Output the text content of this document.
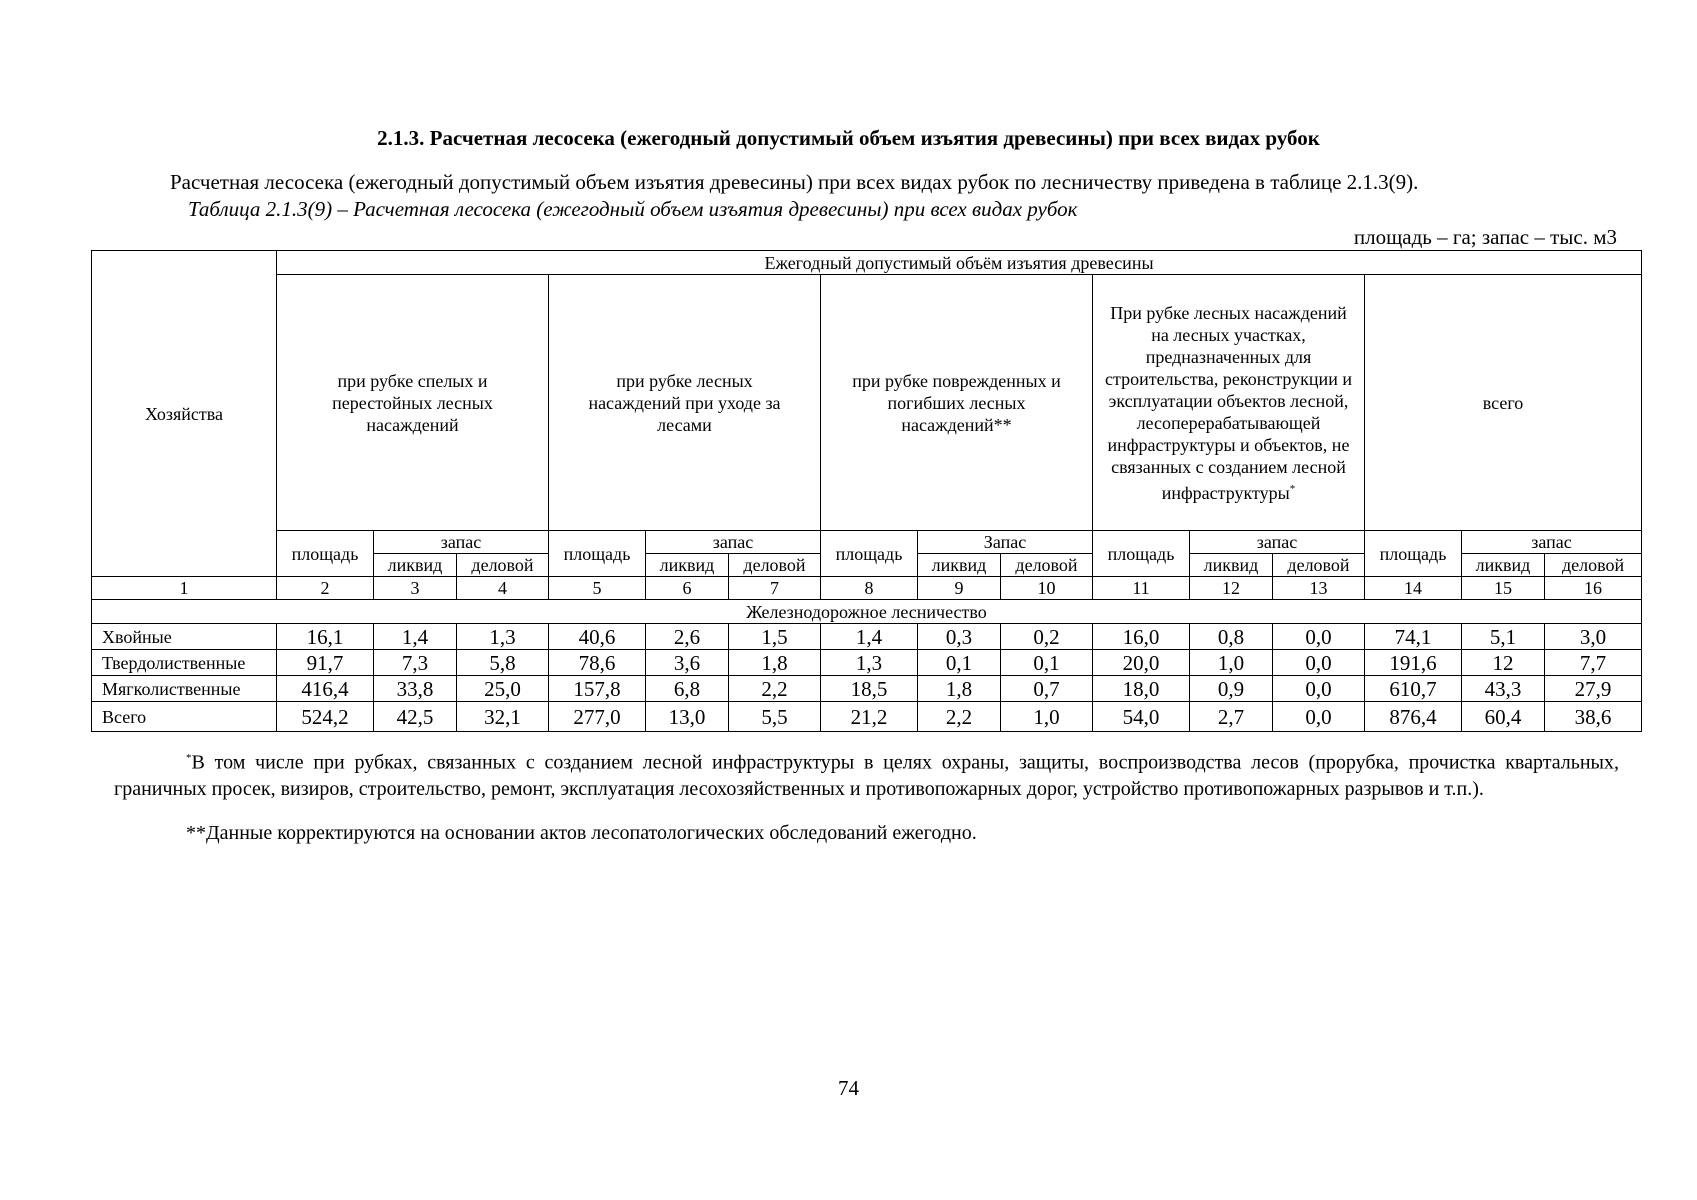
2.1.3. Расчетная лесосека (ежегодный допустимый объем изъятия древесины) при всех видах рубок
Расчетная лесосека (ежегодный допустимый объем изъятия древесины) при всех видах рубок по лесничеству приведена в таблице 2.1.3(9).
Таблица 2.1.3(9) – Расчетная лесосека (ежегодный объем изъятия древесины) при всех видах рубок
площадь – га; запас – тыс. м3
Хозяйства	Ежегодный допустимый объём изъятия древесины														
	при рубке спелых и перестойных лесных насаждений			при рубке лесных насаждений при уходе за лесами			при рубке поврежденных и погибших лесных насаждений**			При рубке лесных насаждений на лесных участках, предназначенных для строительства, реконструкции и эксплуатации объектов лесной, лесоперерабатывающей инфраструктуры и объектов, не связанных с созданием лесной инфраструктуры*			всего		
	площадь	запас		площадь	запас		площадь	Запас		площадь	запас		площадь	запас	
		ликвид	деловой		ликвид	деловой		ликвид	деловой		ликвид	деловой		ликвид	деловой
1	2	3	4	5	6	7	8	9	10	11	12	13	14	15	16
Железнодорожное лесничество															
Хвойные	16,1	1,4	1,3	40,6	2,6	1,5	1,4	0,3	0,2	16,0	0,8	0,0	74,1	5,1	3,0
Твердолиственные	91,7	7,3	5,8	78,6	3,6	1,8	1,3	0,1	0,1	20,0	1,0	0,0	191,6	12	7,7
Мягколиственные	416,4	33,8	25,0	157,8	6,8	2,2	18,5	1,8	0,7	18,0	0,9	0,0	610,7	43,3	27,9
Всего	524,2	42,5	32,1	277,0	13,0	5,5	21,2	2,2	1,0	54,0	2,7	0,0	876,4	60,4	38,6
*В том числе при рубках, связанных с созданием лесной инфраструктуры в целях охраны, защиты, воспроизводства лесов (прорубка, прочистка квартальных, граничных просек, визиров, строительство, ремонт, эксплуатация лесохозяйственных и противопожарных дорог, устройство противопожарных разрывов и т.п.).
**Данные корректируются на основании актов лесопатологических обследований ежегодно.
74
